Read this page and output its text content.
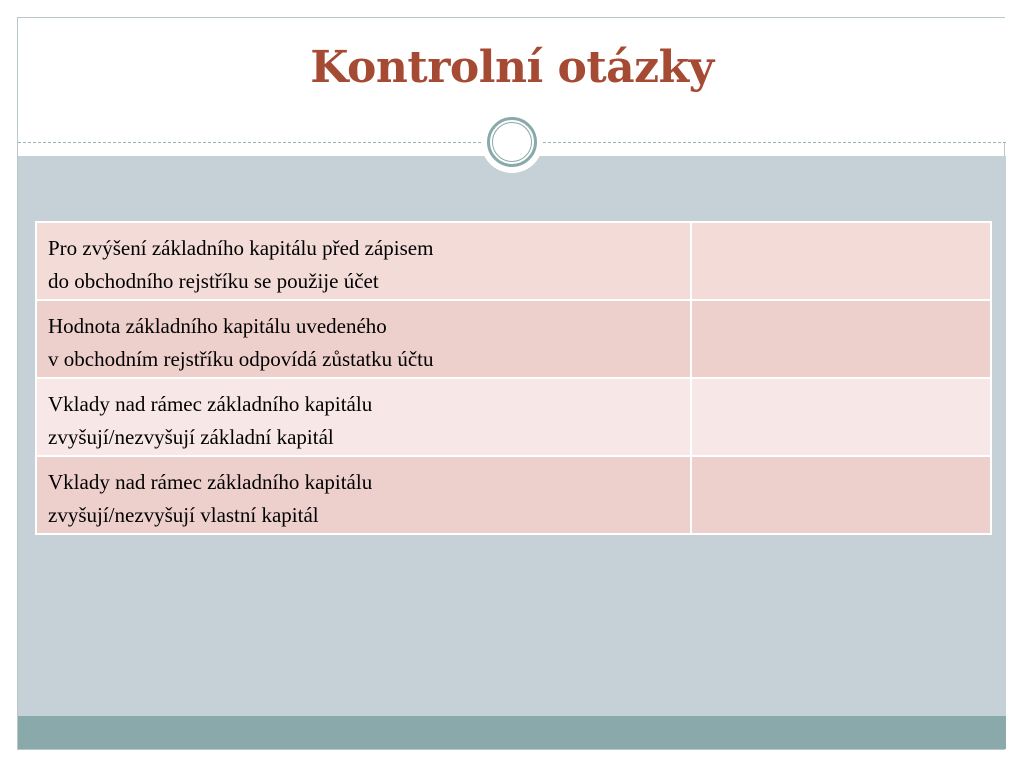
Kontrolní otázky
Pro zvýšení základního kapitálu před zápisem
do obchodního rejstříku se použije účet	

Hodnota základního kapitálu uvedeného
v obchodním rejstříku odpovídá zůstatku účtu	

Vklady nad rámec základního kapitálu
zvyšují/nezvyšují základní kapitál	

Vklady nad rámec základního kapitálu
zvyšují/nezvyšují vlastní kapitál	
